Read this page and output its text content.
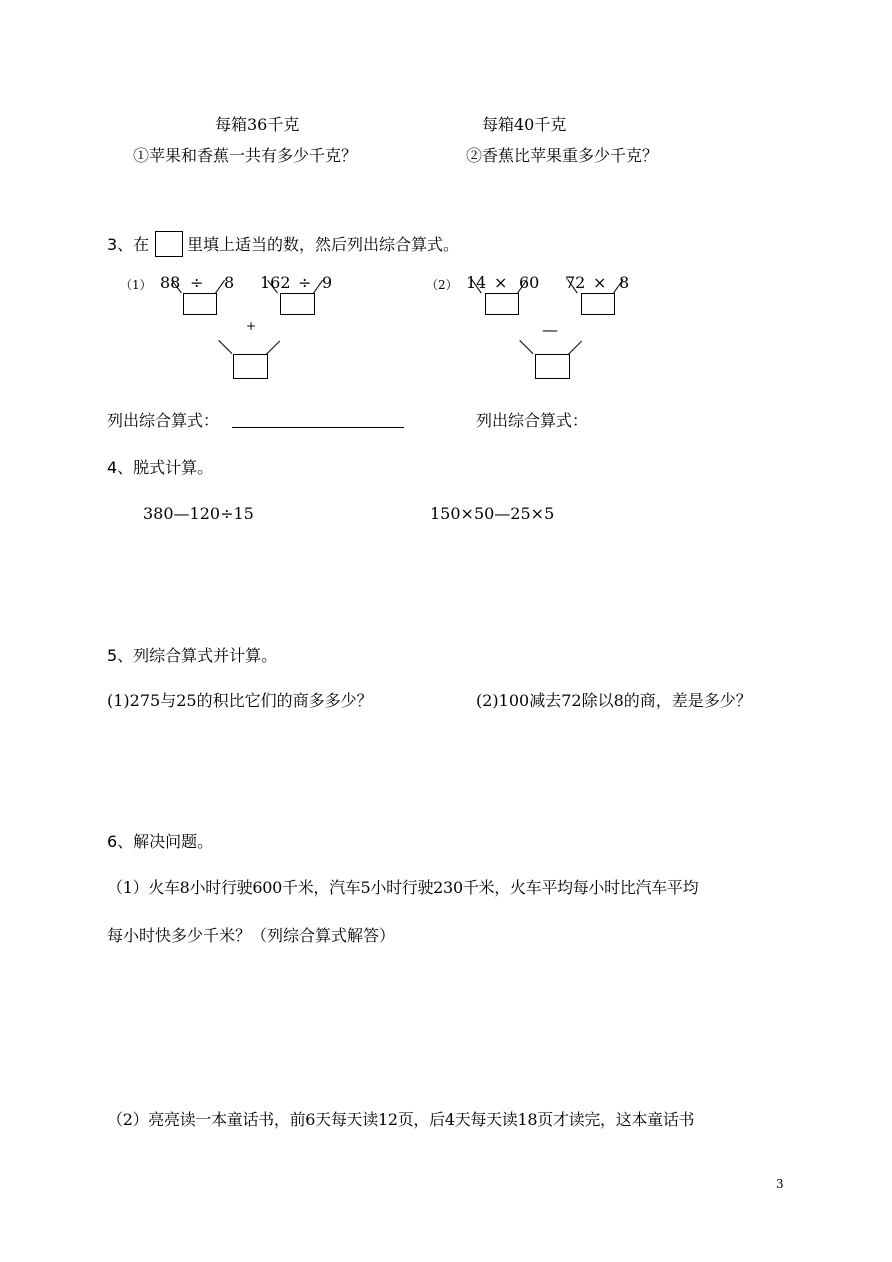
每箱36千克	每箱40千克
①苹果和香蕉一共有多少千克？	②香蕉比苹果重多少千克？
3、在 里填上适当的数，然后列出综合算式。
（1） 88 ÷ 8 162 ÷ 9
+
（2） 14 × 60 72 × 8
—
列出综合算式：	列出综合算式：
4、脱式计算。
380—120÷15	150×50—25×5
5、列综合算式并计算。
(1)275与25的积比它们的商多多少？	(2)100减去72除以8的商，差是多少？
6、解决问题。
（1）火车8小时行驶600千米，汽车5小时行驶230千米，火车平均每小时比汽车平均
每小时快多少千米？（列综合算式解答）
（2）亮亮读一本童话书，前6天每天读12页，后4天每天读18页才读完，这本童话书
3
